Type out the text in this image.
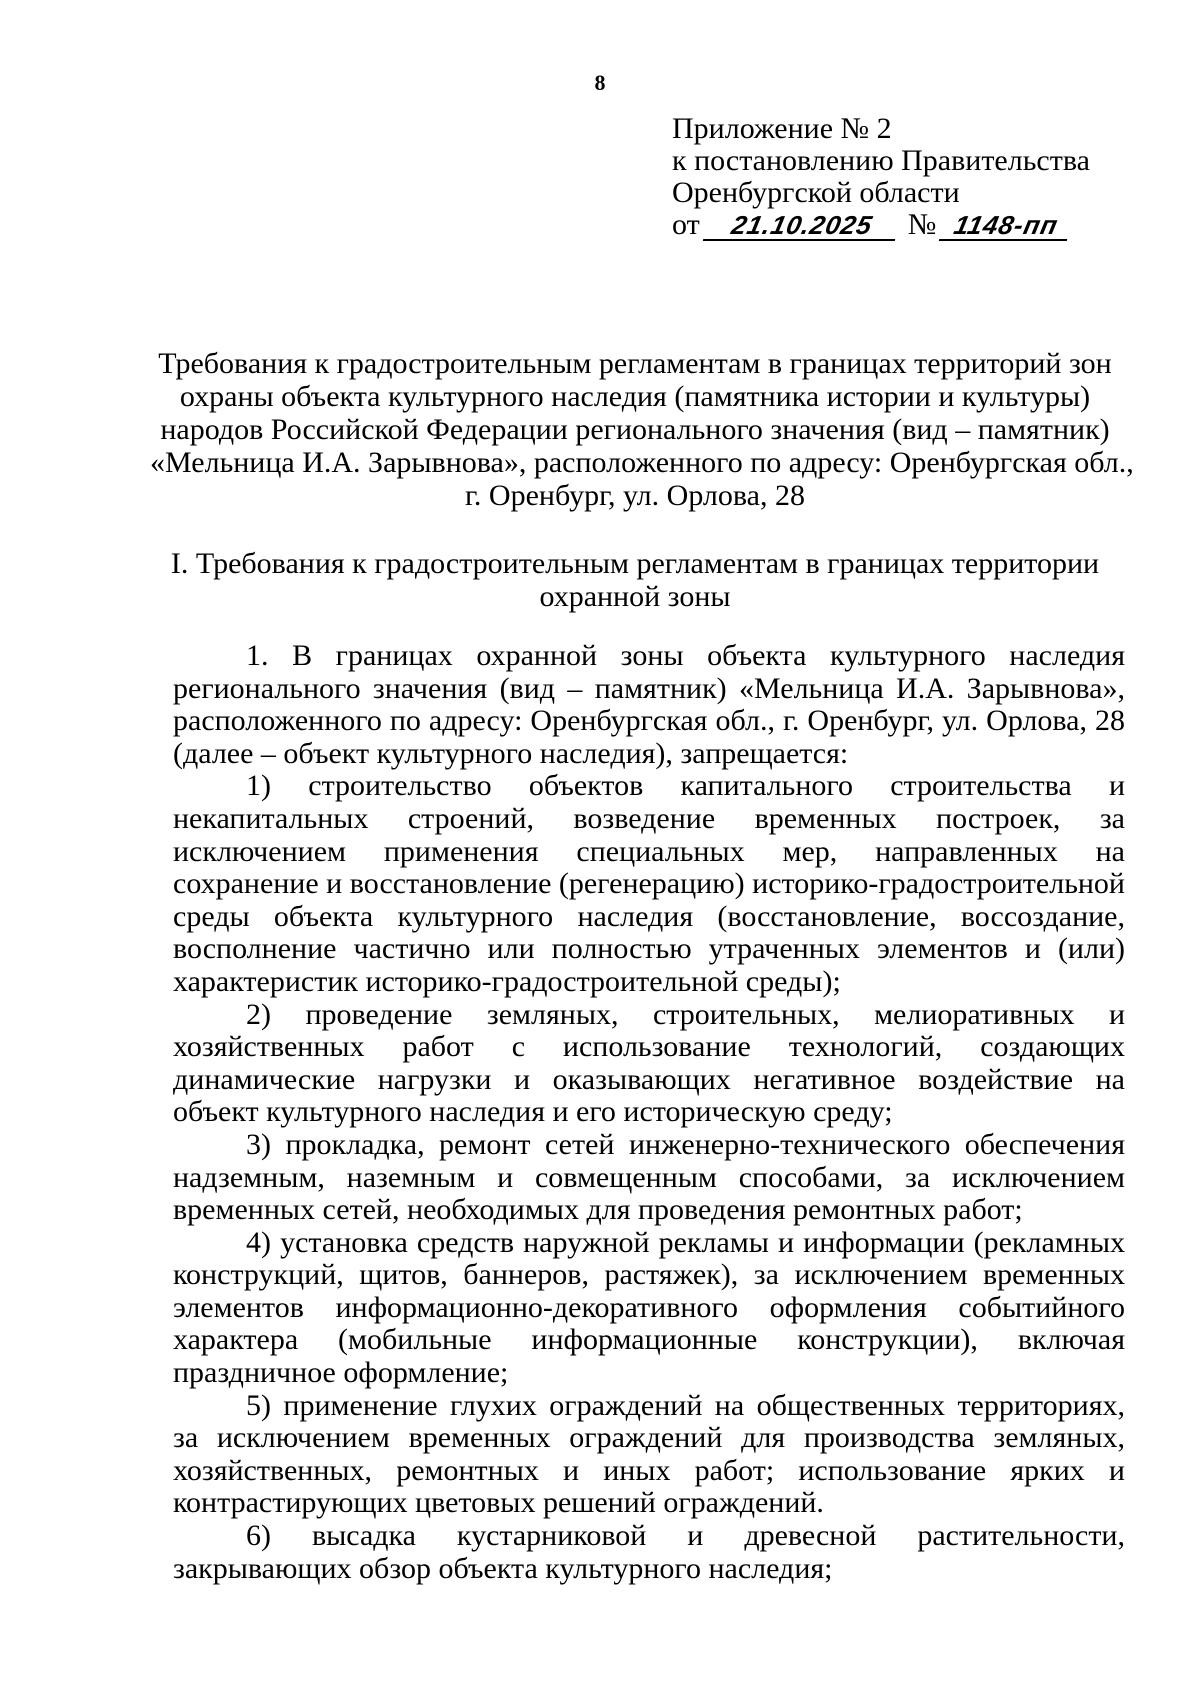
8
Приложение № 2
к постановлению Правительства
Оренбургской области
от 21.10.2025 № 1148-пп
Требования к градостроительным регламентам в границах территорий зон
охраны объекта культурного наследия (памятника истории и культуры)
народов Российской Федерации регионального значения (вид – памятник)
«Мельница И.А. Зарывнова», расположенного по адресу: Оренбургская обл.,
г. Оренбург, ул. Орлова, 28
I. Требования к градостроительным регламентам в границах территории
охранной зоны

1. В границах охранной зоны объекта культурного наследия регионального значения (вид – памятник) «Мельница И.А. Зарывнова», расположенного по адресу: Оренбургская обл., г. Оренбург, ул. Орлова, 28 (далее – объект культурного наследия), запрещается:

1) строительство объектов капитального строительства и некапитальных строений, возведение временных построек, за исключением применения специальных мер, направленных на сохранение и восстановление (регенерацию) историко-градостроительной среды объекта культурного наследия (восстановление, воссоздание, восполнение частично или полностью утраченных элементов и (или) характеристик историко-градостроительной среды);

2) проведение земляных, строительных, мелиоративных и хозяйственных работ с использование технологий, создающих динамические нагрузки и оказывающих негативное воздействие на объект культурного наследия и его историческую среду;

3) прокладка, ремонт сетей инженерно-технического обеспечения надземным, наземным и совмещенным способами, за исключением временных сетей, необходимых для проведения ремонтных работ;

4) установка средств наружной рекламы и информации (рекламных конструкций, щитов, баннеров, растяжек), за исключением временных элементов информационно-декоративного оформления событийного характера (мобильные информационные конструкции), включая праздничное оформление;

5) применение глухих ограждений на общественных территориях, за исключением временных ограждений для производства земляных, хозяйственных, ремонтных и иных работ; использование ярких и контрастирующих цветовых решений ограждений.

6) высадка кустарниковой и древесной растительности, закрывающих обзор объекта культурного наследия;
